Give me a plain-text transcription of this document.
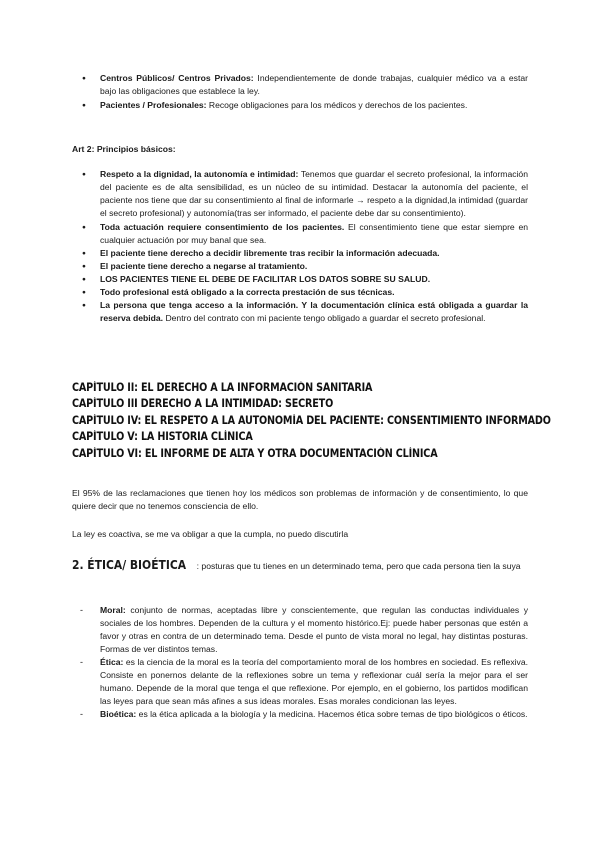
● Centros Públicos/ Centros Privados: Independientemente de donde trabajas, cualquier médico va a estar bajo las obligaciones que establece la ley.
● Pacientes / Profesionales: Recoge obligaciones para los médicos y derechos de los pacientes.
Art 2: Principios básicos:
● Respeto a la dignidad, la autonomía e intimidad: Tenemos que guardar el secreto profesional, la información del paciente es de alta sensibilidad, es un núcleo de su intimidad. Destacar la autonomía del paciente, el paciente nos tiene que dar su consentimiento al final de informarle → respeto a la dignidad,la intimidad (guardar el secreto profesional) y autonomía(tras ser informado, el paciente debe dar su consentimiento).
● Toda actuación requiere consentimiento de los pacientes. El consentimiento tiene que estar siempre en cualquier actuación por muy banal que sea.
● El paciente tiene derecho a decidir libremente tras recibir la información adecuada.
● El paciente tiene derecho a negarse al tratamiento.
● LOS PACIENTES TIENE EL DEBE DE FACILITAR LOS DATOS SOBRE SU SALUD.
● Todo profesional está obligado a la correcta prestación de sus técnicas.
● La persona que tenga acceso a la información. Y la documentación clínica está obligada a guardar la reserva debida. Dentro del contrato con mi paciente tengo obligado a guardar el secreto profesional.
CAPÍTULO II: EL DERECHO A LA INFORMACIÓN SANITARIA
CAPÍTULO III DERECHO A LA INTIMIDAD: SECRETO
CAPÍTULO IV: EL RESPETO A LA AUTONOMÍA DEL PACIENTE: CONSENTIMIENTO INFORMADO
CAPÍTULO V: LA HISTORIA CLÍNICA
CAPÍTULO VI: EL INFORME DE ALTA Y OTRA DOCUMENTACIÓN CLÍNICA
El 95% de las reclamaciones que tienen hoy los médicos son problemas de información y de consentimiento, lo que quiere decir que no tenemos consciencia de ello.
La ley es coactiva, se me va obligar a que la cumpla, no puedo discutirla
2. ÉTICA/ BIOÉTICA : posturas que tu tienes en un determinado tema, pero que cada persona tien la suya
- Moral: conjunto de normas, aceptadas libre y conscientemente, que regulan las conductas individuales y sociales de los hombres. Dependen de la cultura y el momento histórico.Ej: puede haber personas que estén a favor y otras en contra de un determinado tema. Desde el punto de vista moral no legal, hay distintas posturas. Formas de ver distintos temas.
- Ética: es la ciencia de la moral es la teoría del comportamiento moral de los hombres en sociedad. Es reflexiva. Consiste en ponernos delante de la reflexiones sobre un tema y reflexionar cuál sería la mejor para el ser humano. Depende de la moral que tenga el que reflexione. Por ejemplo, en el gobierno, los partidos modifican las leyes para que sean más afines a sus ideas morales. Esas morales condicionan las leyes.
- Bioética: es la ética aplicada a la biología y la medicina. Hacemos ética sobre temas de tipo biológicos o éticos.
